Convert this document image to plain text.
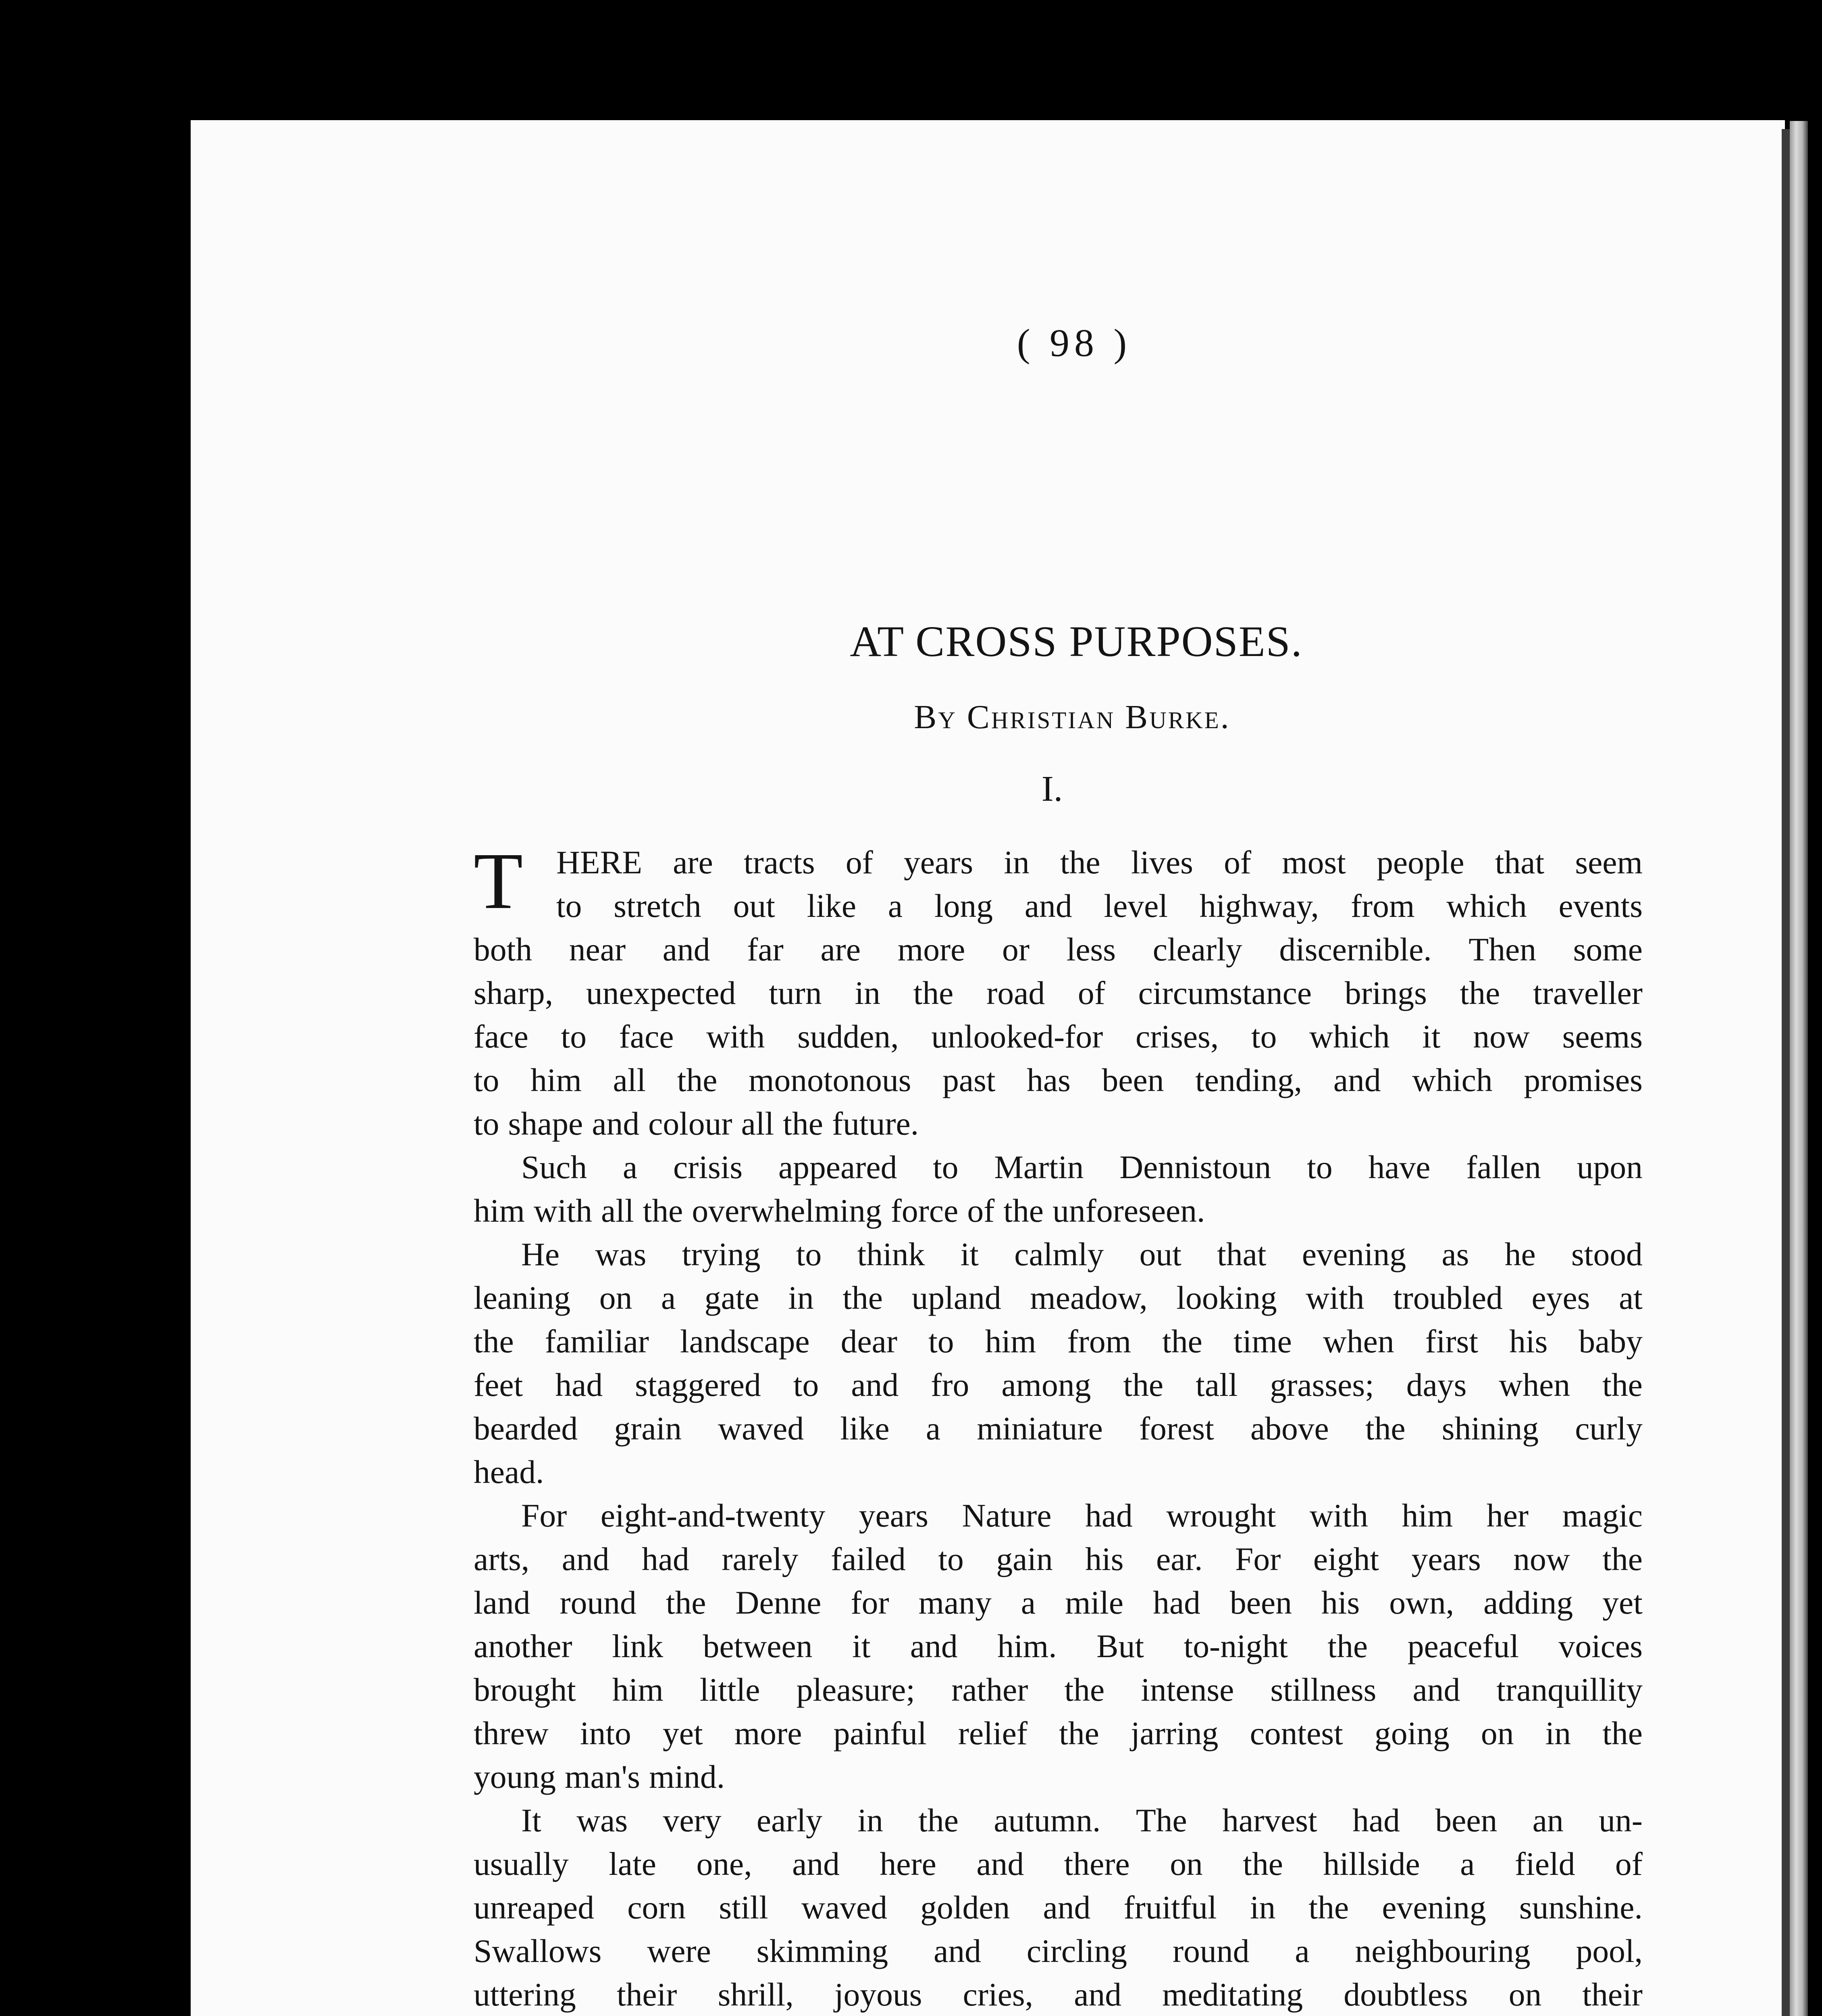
( 98 )
AT CROSS PURPOSES.
By Christian Burke.
I.
T HERE are tracts of years in the lives of most people that seem
to stretch out like a long and level highway, from which events
both near and far are more or less clearly discernible. Then some
sharp, unexpected turn in the road of circumstance brings the traveller
face to face with sudden, unlooked-for crises, to which it now seems
to him all the monotonous past has been tending, and which promises
to shape and colour all the future.
Such a crisis appeared to Martin Dennistoun to have fallen upon
him with all the overwhelming force of the unforeseen.
He was trying to think it calmly out that evening as he stood
leaning on a gate in the upland meadow, looking with troubled eyes at
the familiar landscape dear to him from the time when first his baby
feet had staggered to and fro among the tall grasses; days when the
bearded grain waved like a miniature forest above the shining curly
head.
For eight-and-twenty years Nature had wrought with him her magic
arts, and had rarely failed to gain his ear. For eight years now the
land round the Denne for many a mile had been his own, adding yet
another link between it and him. But to-night the peaceful voices
brought him little pleasure; rather the intense stillness and tranquillity
threw into yet more painful relief the jarring contest going on in the
young man's mind.
It was very early in the autumn. The harvest had been an un-
usually late one, and here and there on the hillside a field of
unreaped corn still waved golden and fruitful in the evening sunshine.
Swallows were skimming and circling round a neighbouring pool,
uttering their shrill, joyous cries, and meditating doubtless on their
